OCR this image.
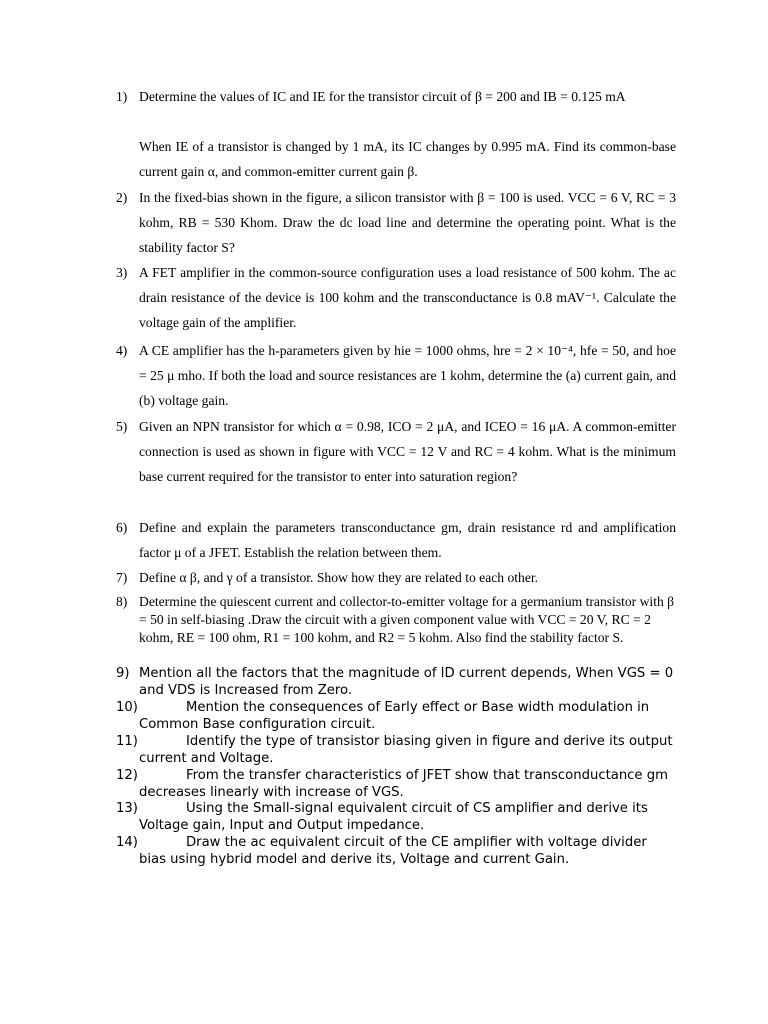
1) Determine the values of IC and IE for the transistor circuit of β = 200 and IB = 0.125 mA
When IE of a transistor is changed by 1 mA, its IC changes by 0.995 mA. Find its common-base current gain α, and common-emitter current gain β.
2) In the fixed-bias shown in the figure, a silicon transistor with β = 100 is used. VCC = 6 V, RC = 3 kohm, RB = 530 Khom. Draw the dc load line and determine the operating point. What is the stability factor S?
3) A FET amplifier in the common-source configuration uses a load resistance of 500 kohm. The ac drain resistance of the device is 100 kohm and the transconductance is 0.8 mAV⁻¹. Calculate the voltage gain of the amplifier.
4) A CE amplifier has the h-parameters given by hie = 1000 ohms, hre = 2 × 10⁻⁴, hfe = 50, and hoe = 25 μ mho. If both the load and source resistances are 1 kohm, determine the (a) current gain, and (b) voltage gain.
5) Given an NPN transistor for which α = 0.98, ICO = 2 μA, and ICEO = 16 μA. A common-emitter connection is used as shown in figure with VCC = 12 V and RC = 4 kohm. What is the minimum base current required for the transistor to enter into saturation region?
6) Define and explain the parameters transconductance gm, drain resistance rd and amplification factor μ of a JFET. Establish the relation between them.
7) Define α β, and γ of a transistor. Show how they are related to each other.
8) Determine the quiescent current and collector-to-emitter voltage for a germanium transistor with β = 50 in self-biasing .Draw the circuit with a given component value with VCC = 20 V, RC = 2 kohm, RE = 100 ohm, R1 = 100 kohm, and R2 = 5 kohm. Also find the stability factor S.
9) Mention all the factors that the magnitude of ID current depends, When VGS = 0 and VDS is Increased from Zero.
10)	Mention the consequences of Early effect or Base width modulation in Common Base configuration circuit.
11)	Identify the type of transistor biasing given in figure and derive its output current and Voltage.
12)	From the transfer characteristics of JFET show that transconductance gm decreases linearly with increase of VGS.
13)	Using the Small-signal equivalent circuit of CS amplifier and derive its Voltage gain, Input and Output impedance.
14)	Draw the ac equivalent circuit of the CE amplifier with voltage divider bias using hybrid model and derive its, Voltage and current Gain.
